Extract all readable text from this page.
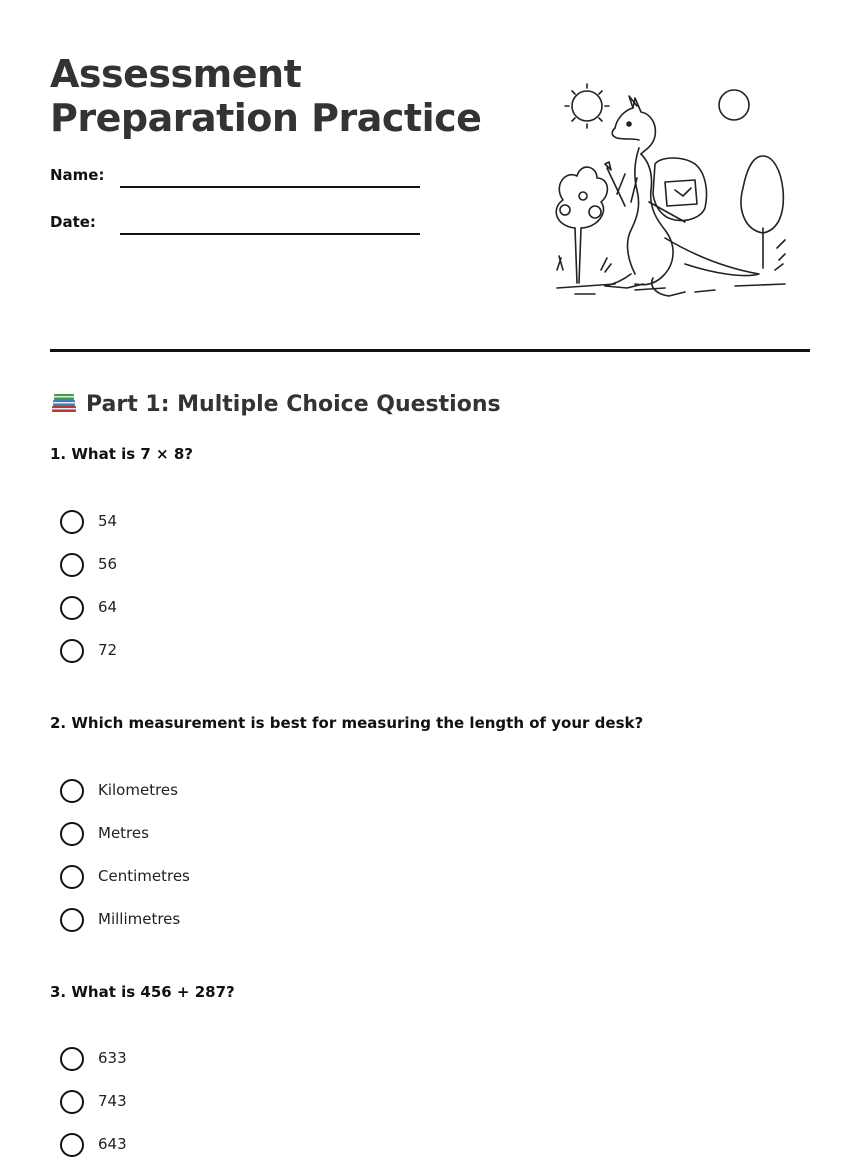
Assessment Preparation Practice
Name:
Date:
Part 1: Multiple Choice Questions

1. What is 7 × 8?

54
56
64
72

2. Which measurement is best for measuring the length of your desk?

Kilometres
Metres
Centimetres
Millimetres

3. What is 456 + 287?

633
743
643
